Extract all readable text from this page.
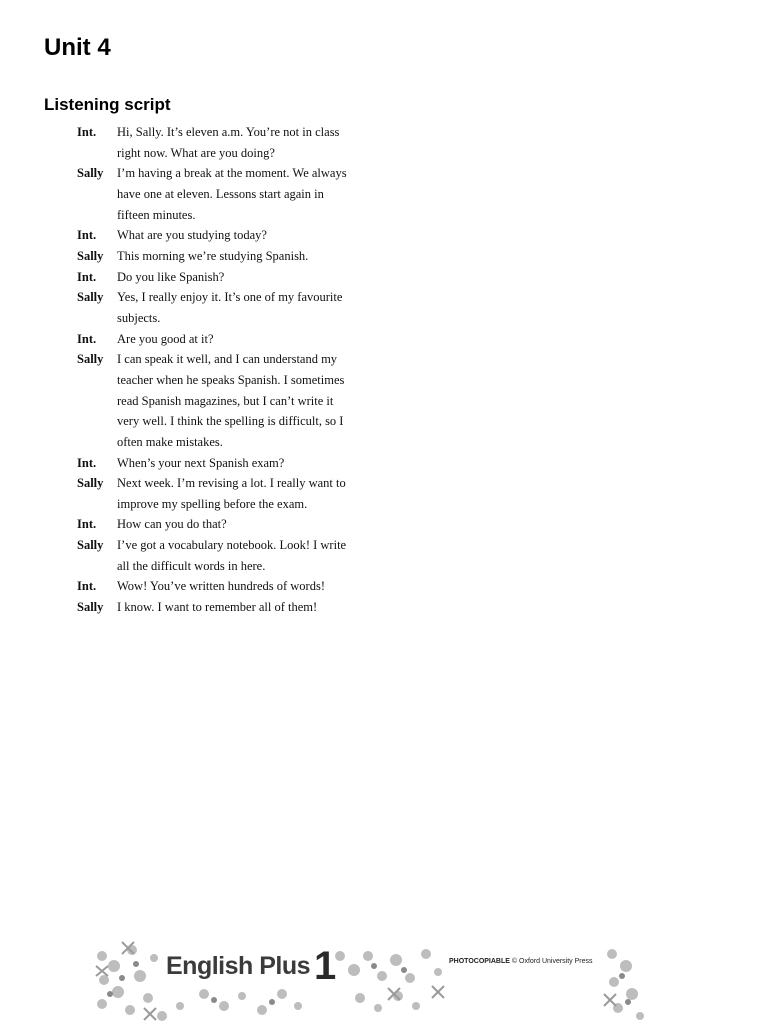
Unit 4
Listening script
Int.	Hi, Sally. It’s eleven a.m. You’re not in class
right now. What are you doing?
Sally	I’m having a break at the moment. We always
have one at eleven. Lessons start again in
fifteen minutes.
Int.	What are you studying today?
Sally	This morning we’re studying Spanish.
Int.	Do you like Spanish?
Sally	Yes, I really enjoy it. It’s one of my favourite
subjects.
Int.	Are you good at it?
Sally	I can speak it well, and I can understand my
teacher when he speaks Spanish. I sometimes
read Spanish magazines, but I can’t write it
very well. I think the spelling is difficult, so I
often make mistakes.
Int.	When’s your next Spanish exam?
Sally	Next week. I’m revising a lot. I really want to
improve my spelling before the exam.
Int.	How can you do that?
Sally	I’ve got a vocabulary notebook. Look! I write
all the difficult words in here.
Int.	Wow! You’ve written hundreds of words!
Sally	I know. I want to remember all of them!
English Plus 1	PHOTOCOPIABLE © Oxford University Press
